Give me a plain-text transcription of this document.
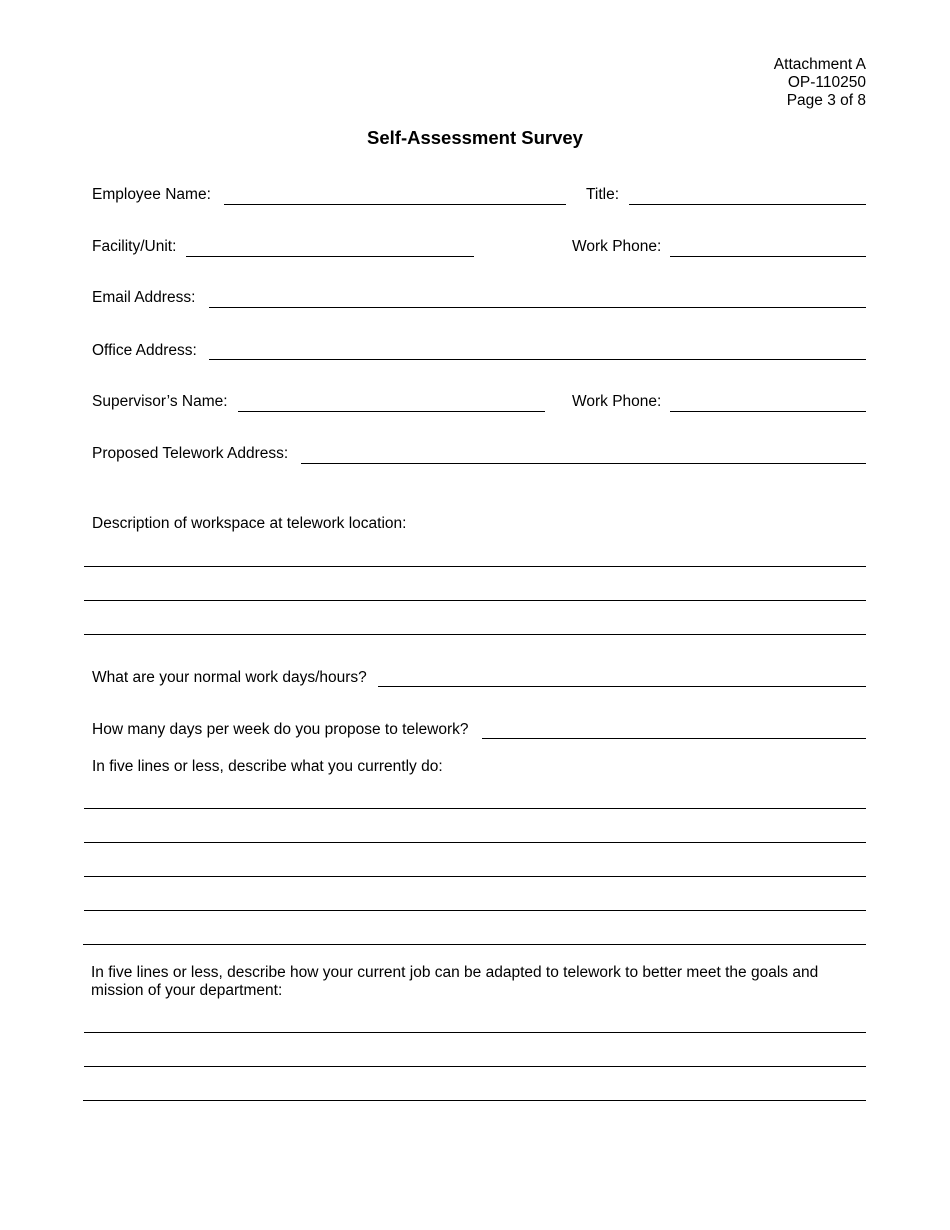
Attachment A
OP-110250
Page 3 of 8
Self-Assessment Survey
Employee Name:	Title:
Facility/Unit:	Work Phone:
Email Address:
Office Address:
Supervisor’s Name:	Work Phone:
Proposed Telework Address:
Description of workspace at telework location:
What are your normal work days/hours?
How many days per week do you propose to telework?
In five lines or less, describe what you currently do:
In five lines or less, describe how your current job can be adapted to telework to better meet the goals and mission of your department:
